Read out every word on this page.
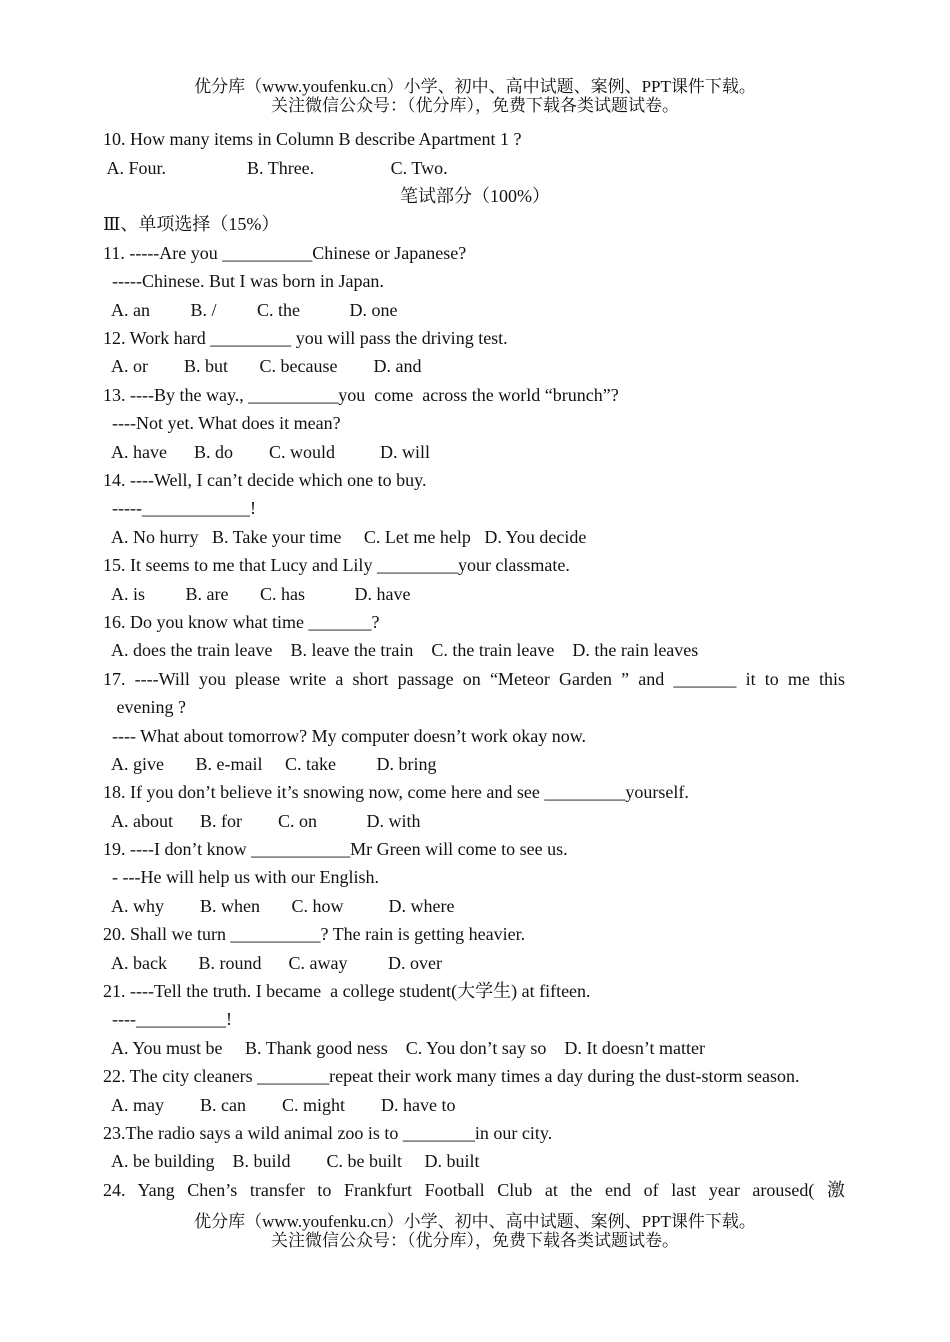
优分库（www.youfenku.cn）小学、初中、高中试题、案例、PPT课件下载。
关注微信公众号：（优分库），免费下载各类试题试卷。
10. How many items in Column B describe Apartment 1 ?
A. Four.                  B. Three.                 C. Two.
笔试部分（100%）
Ⅲ、单项选择（15%）
11. -----Are you __________Chinese or Japanese?
-----Chinese. But I was born in Japan.
A. an         B. /         C. the           D. one
12. Work hard _________ you will pass the driving test.
A. or        B. but       C. because        D. and
13. ----By the way., __________you  come  across the world “brunch”?
----Not yet. What does it mean?
A. have      B. do        C. would          D. will
14. ----Well, I can’t decide which one to buy.
-----____________!
A. No hurry   B. Take your time     C. Let me help   D. You decide
15. It seems to me that Lucy and Lily _________your classmate.
A. is         B. are       C. has           D. have
16. Do you know what time _______?
A. does the train leave    B. leave the train    C. the train leave    D. the rain leaves
17. ----Will you please write a short passage on “Meteor Garden ” and _______ it to me this
evening ?
---- What about tomorrow? My computer doesn’t work okay now.
A. give       B. e-mail     C. take         D. bring
18. If you don’t believe it’s snowing now, come here and see _________yourself.
A. about      B. for        C. on           D. with
19. ----I don’t know ___________Mr Green will come to see us.
- ---He will help us with our English.
A. why        B. when       C. how          D. where
20. Shall we turn __________? The rain is getting heavier.
A. back       B. round      C. away         D. over
21. ----Tell the truth. I became  a college student(大学生) at fifteen.
----__________!
A. You must be     B. Thank good ness    C. You don’t say so    D. It doesn’t matter
22. The city cleaners ________repeat their work many times a day during the dust-storm season.
A. may        B. can        C. might        D. have to
23.The radio says a wild animal zoo is to ________in our city.
A. be building    B. build        C. be built     D. built
24. Yang Chen’s transfer to Frankfurt Football Club at the end of last year aroused( 激
优分库（www.youfenku.cn）小学、初中、高中试题、案例、PPT课件下载。
关注微信公众号：（优分库），免费下载各类试题试卷。
